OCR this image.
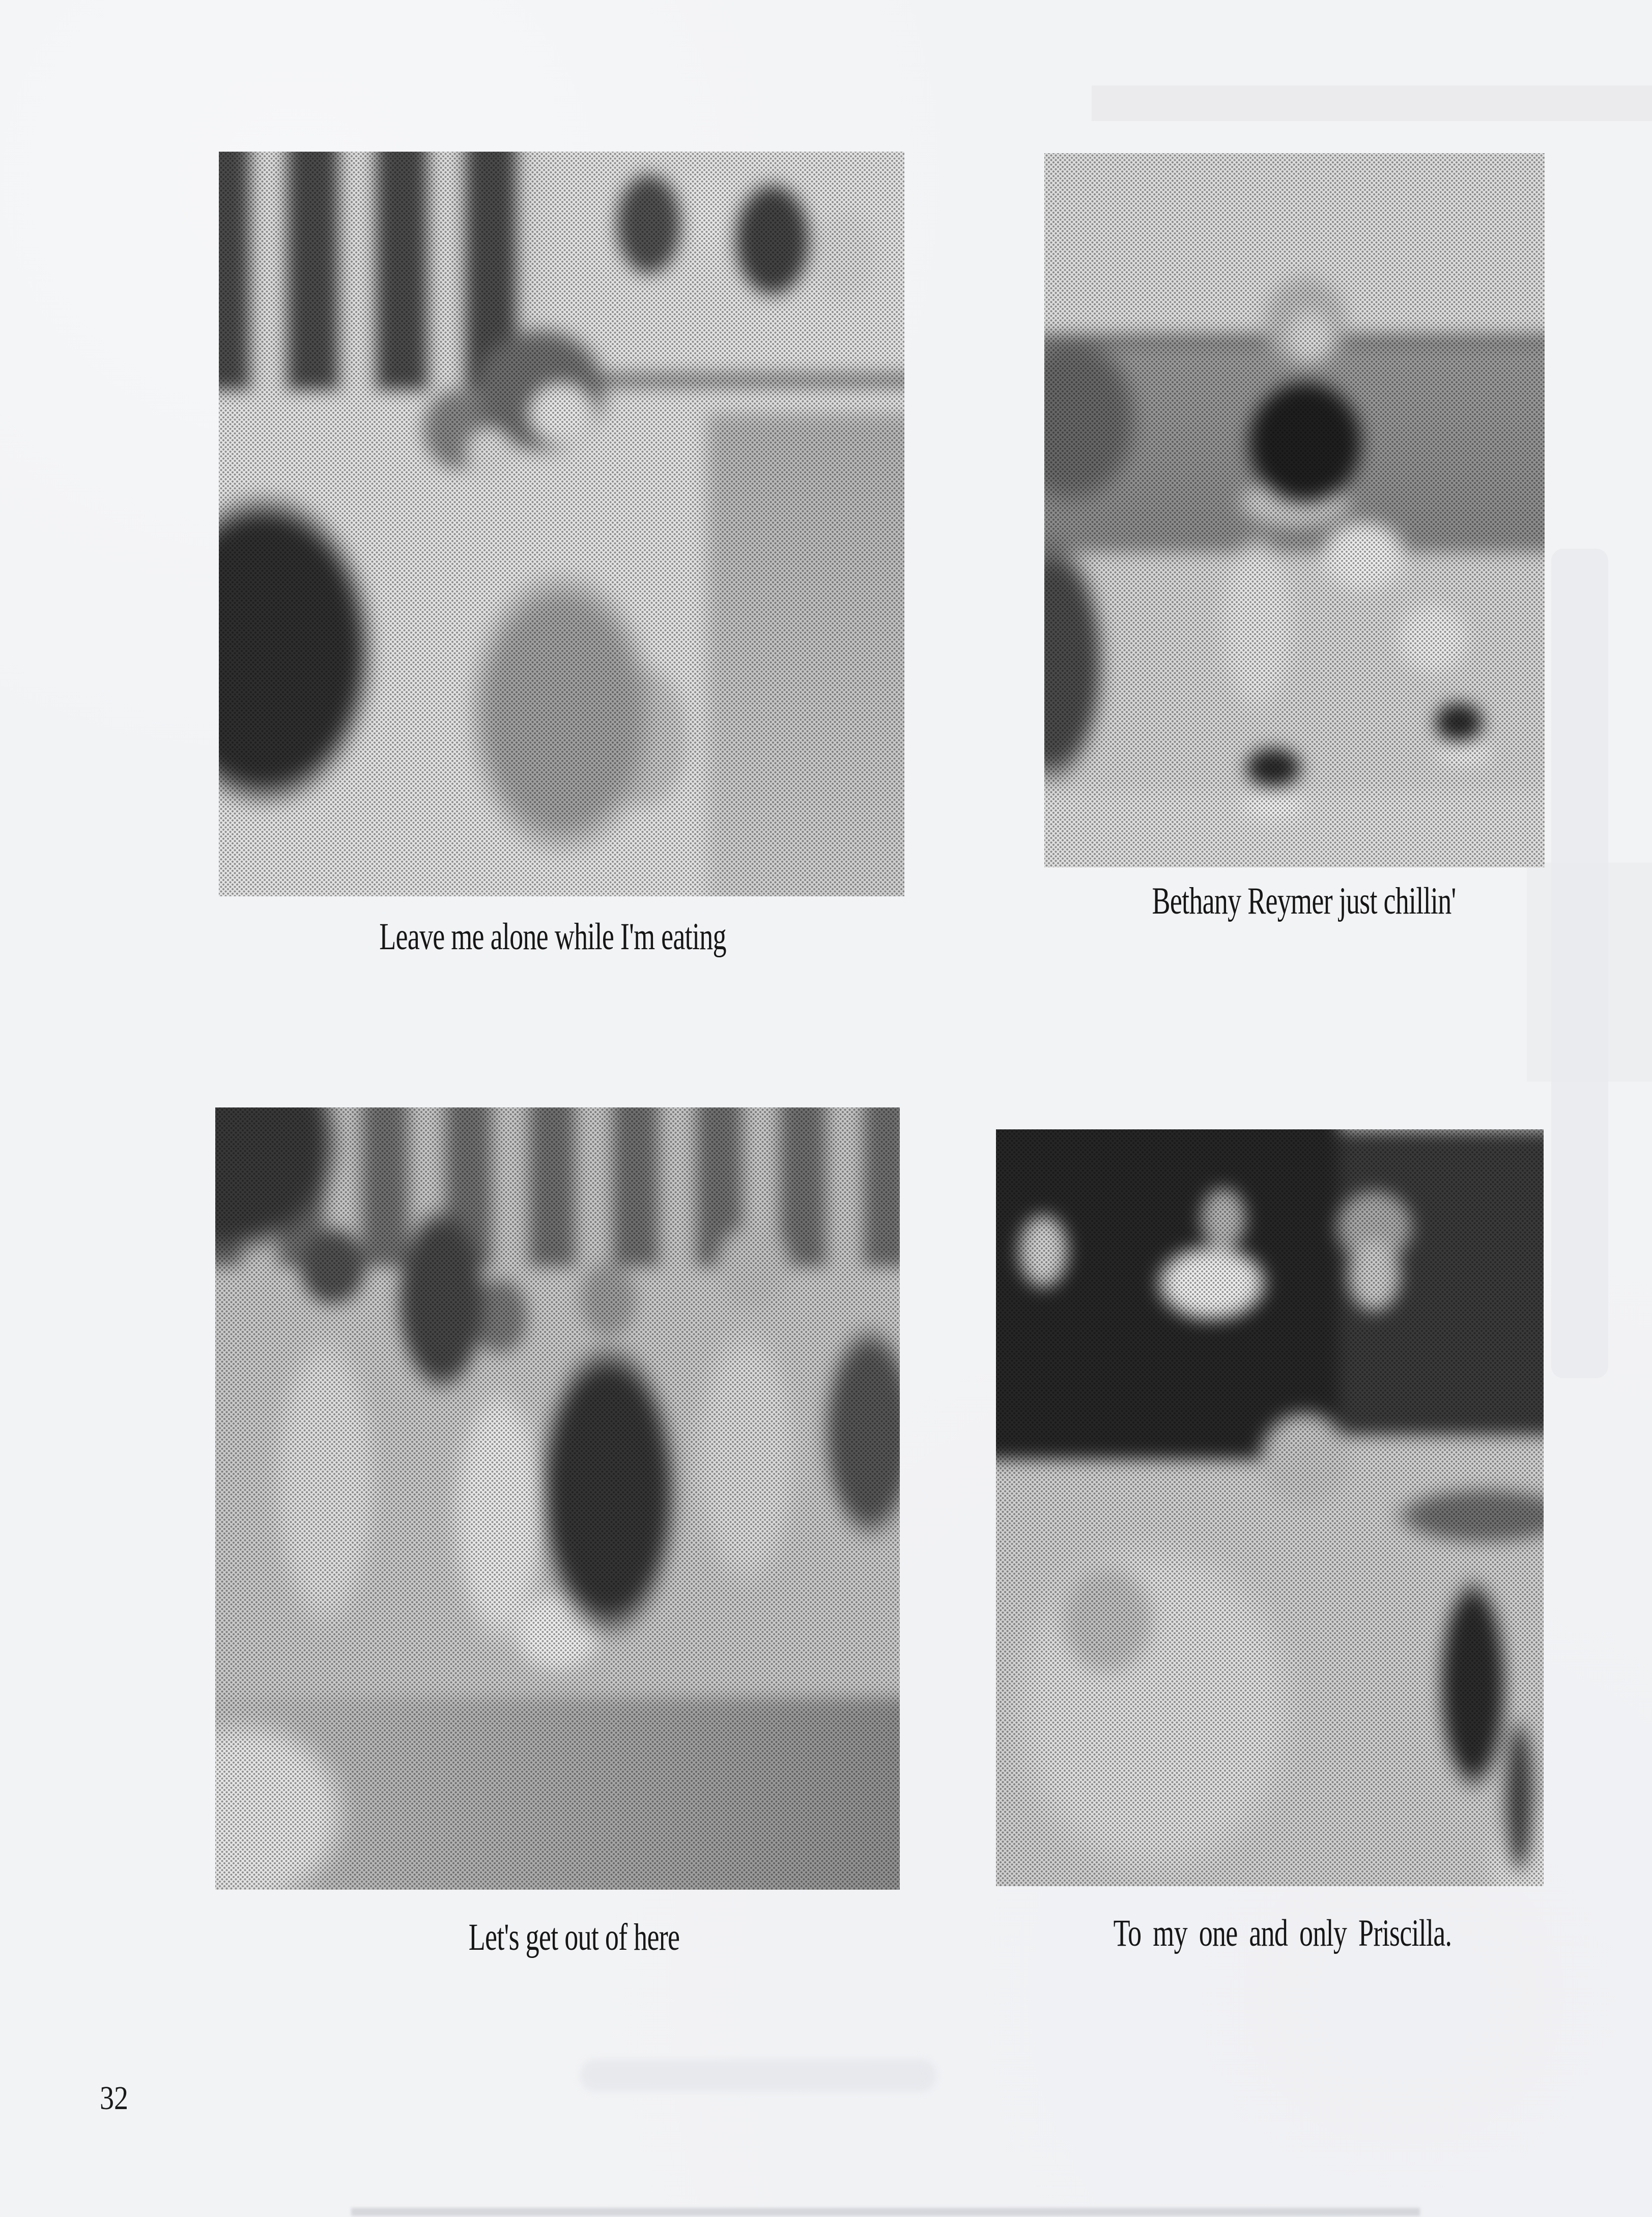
Leave me alone while I'm eating
Bethany Reymer just chillin'
Let's get out of here	To my one and only Priscilla.
32
